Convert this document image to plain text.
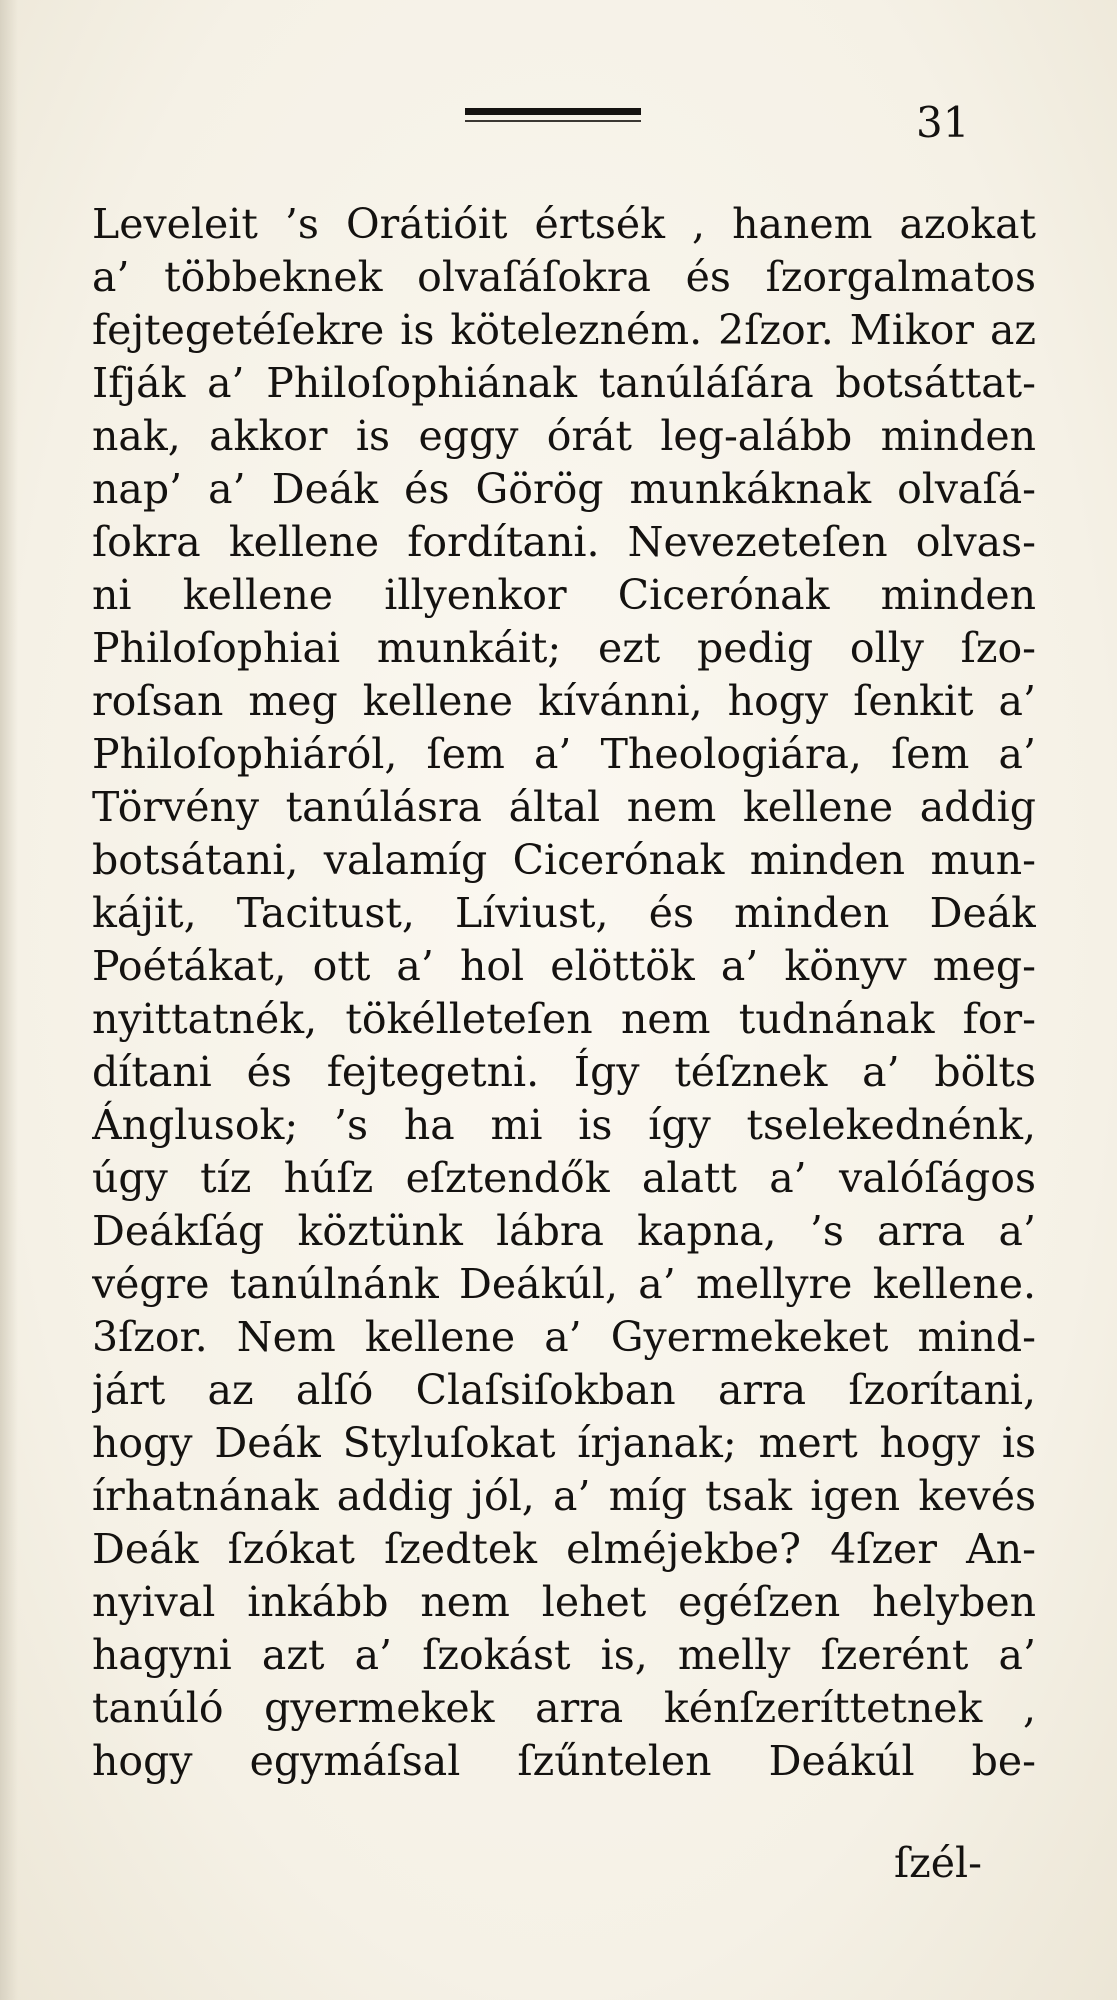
31
Leveleit ’s Orátióit értsék , hanem azokat
a’ többeknek olvaſáſokra és ſzorgalmatos
fejtegetéſekre is kötelezném. 2ſzor. Mikor az
Ifják a’ Philoſophiának tanúláſára botsáttat-
nak, akkor is eggy órát leg-alább minden
nap’ a’ Deák és Görög munkáknak olvaſá-
ſokra kellene fordítani. Nevezeteſen olvas-
ni kellene illyenkor Cicerónak minden
Philoſophiai munkáit; ezt pedig olly ſzo-
roſsan meg kellene kívánni, hogy ſenkit a’
Philoſophiáról, ſem a’ Theologiára, ſem a’
Törvény tanúlásra által nem kellene addig
botsátani, valamíg Cicerónak minden mun-
kájit, Tacitust, Líviust, és minden Deák
Poétákat, ott a’ hol elöttök a’ könyv meg-
nyittatnék, tökélleteſen nem tudnának for-
dítani és fejtegetni. Így téſznek a’ bölts
Ánglusok; ’s ha mi is így tselekednénk,
úgy tíz húſz eſztendők alatt a’ valóſágos
Deákſág köztünk lábra kapna, ’s arra a’
végre tanúlnánk Deákúl, a’ mellyre kellene.
3ſzor. Nem kellene a’ Gyermekeket mind-
járt az alſó Claſsiſokban arra ſzorítani,
hogy Deák Styluſokat írjanak; mert hogy is
írhatnának addig jól, a’ míg tsak igen kevés
Deák ſzókat ſzedtek elméjekbe? 4ſzer An-
nyival inkább nem lehet egéſzen helyben
hagyni azt a’ ſzokást is, melly ſzerént a’
tanúló gyermekek arra kénſzeríttetnek ,
hogy egymáſsal ſzűntelen Deákúl be-
ſzél-
